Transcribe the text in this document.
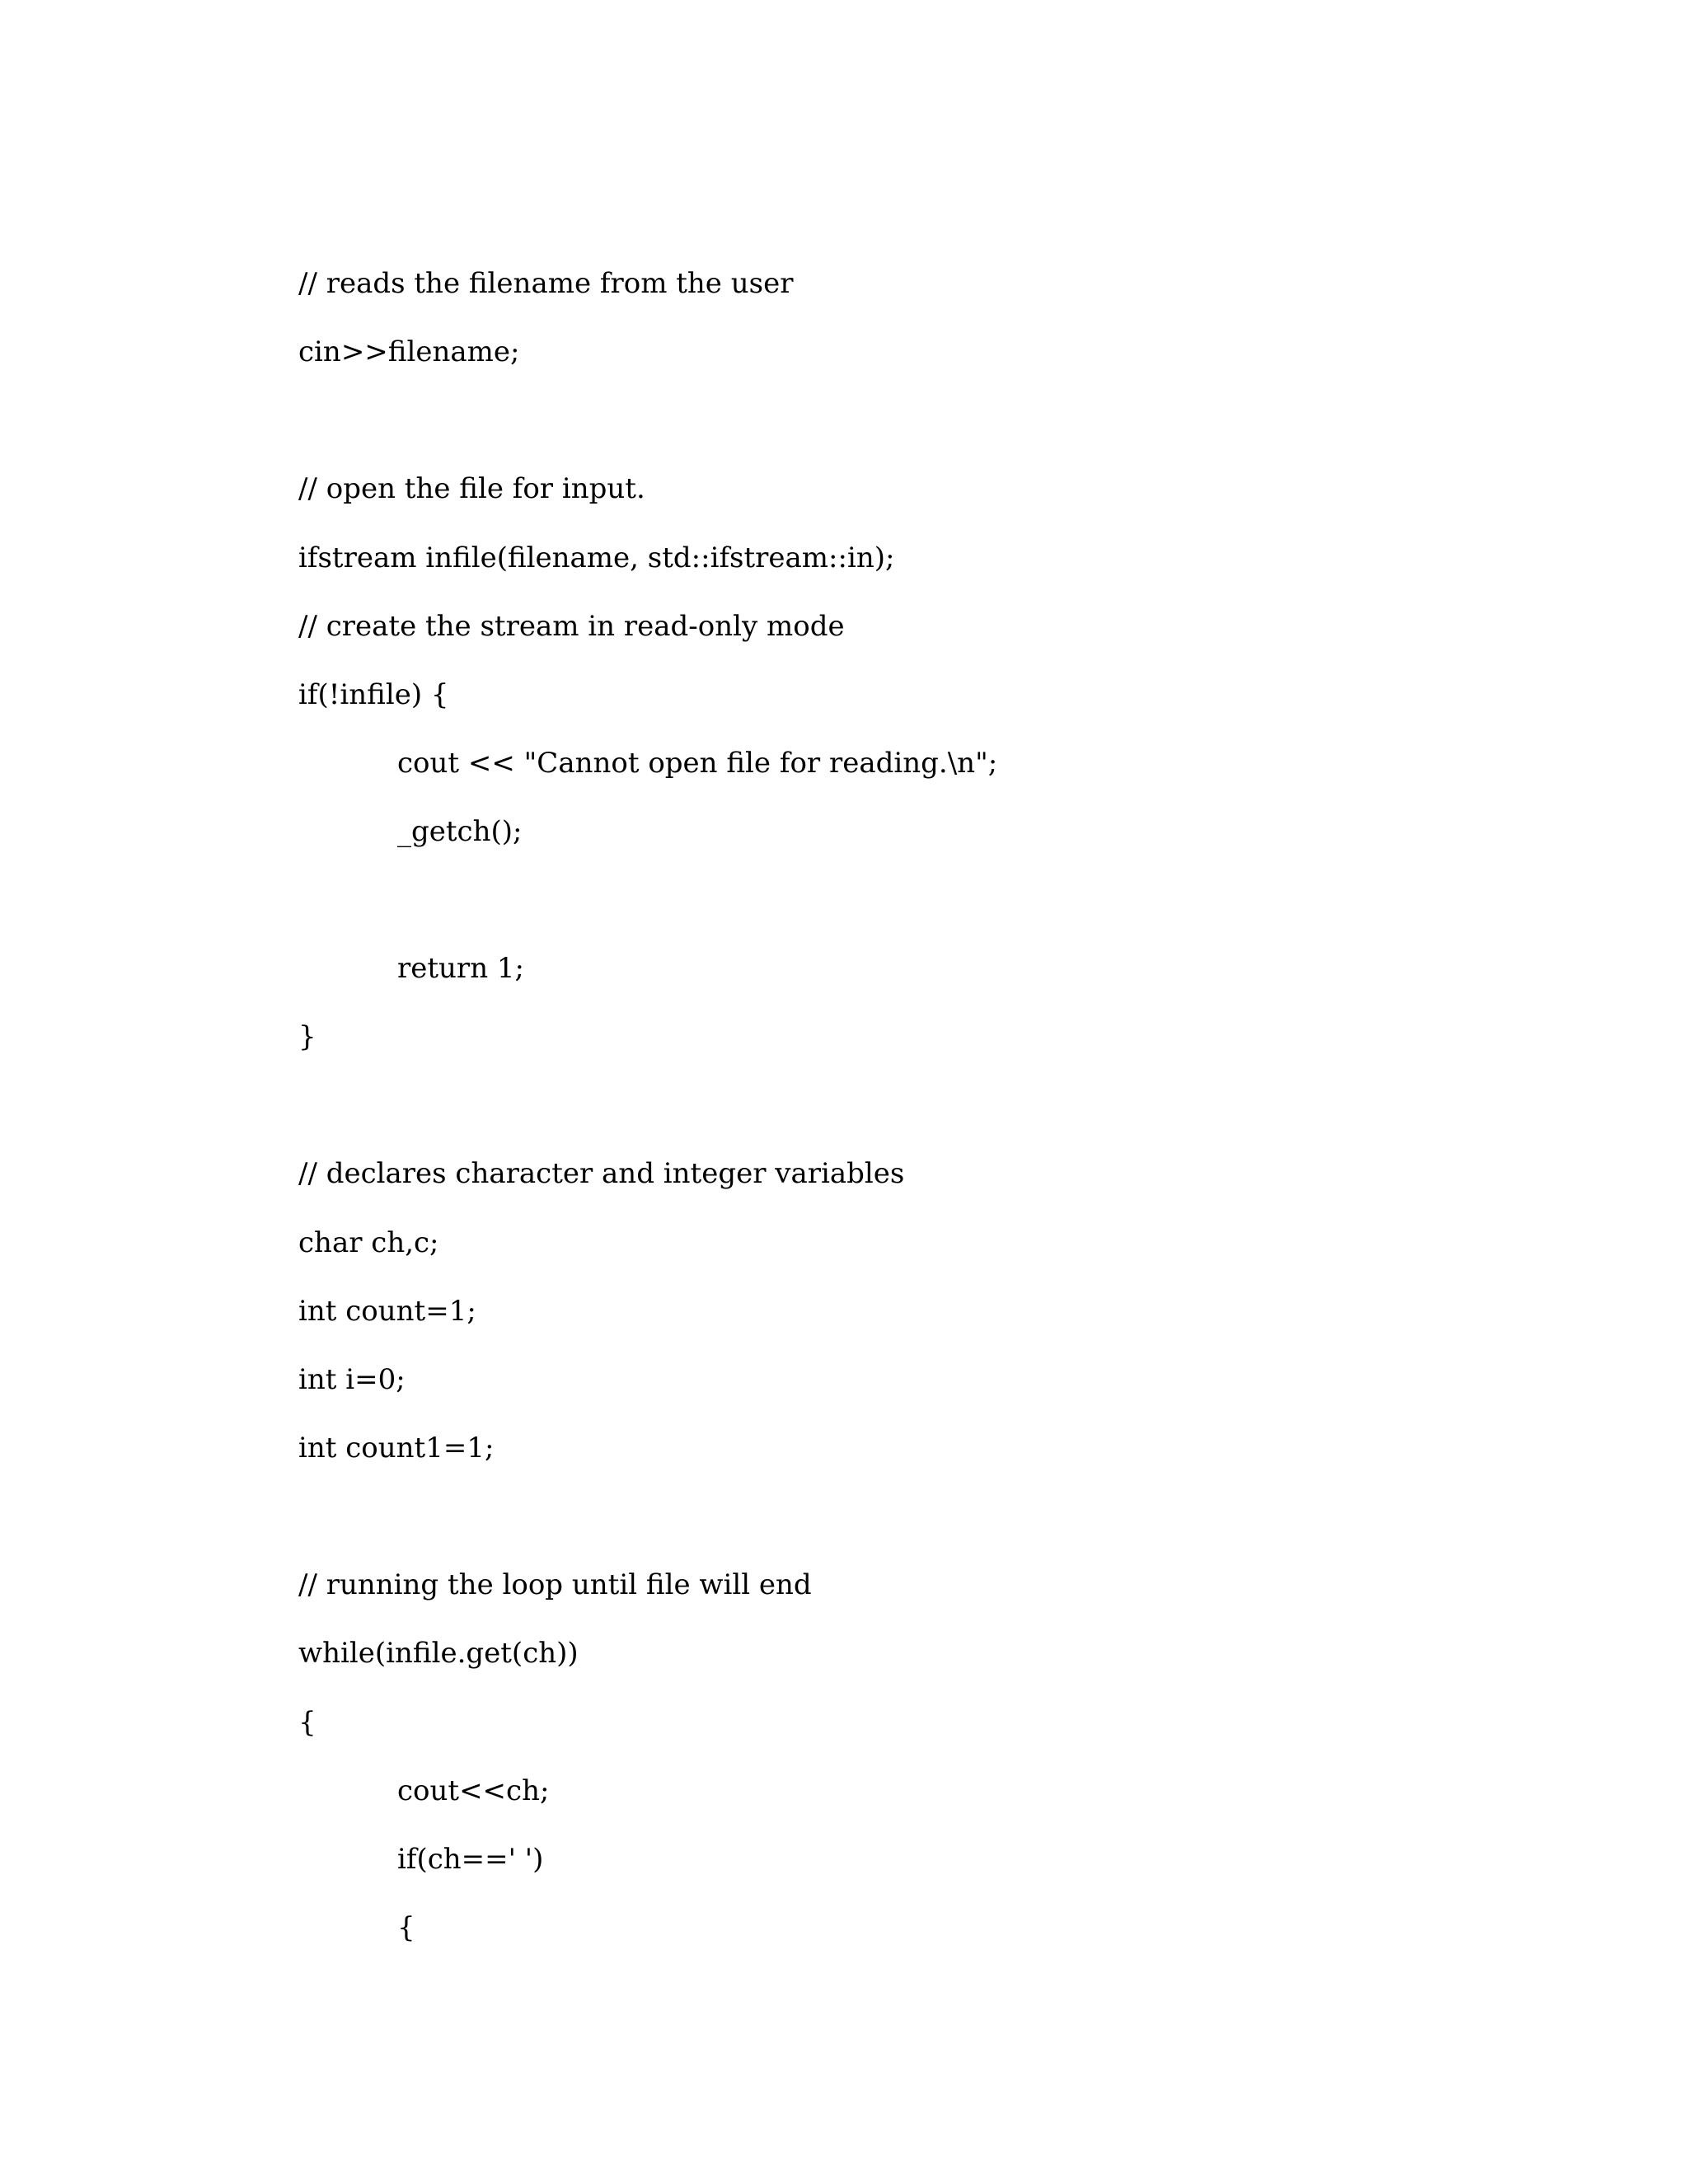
// reads the filename from the user

cin>>filename;

// open the file for input.

ifstream infile(filename, std::ifstream::in);

// create the stream in read-only mode

if(!infile) {

cout << "Cannot open file for reading.\n";

_getch();

return 1;

}

// declares character and integer variables

char ch,c;

int count=1;

int i=0;

int count1=1;

// running the loop until file will end

while(infile.get(ch))

{

cout<<ch;

if(ch==' ')

{
